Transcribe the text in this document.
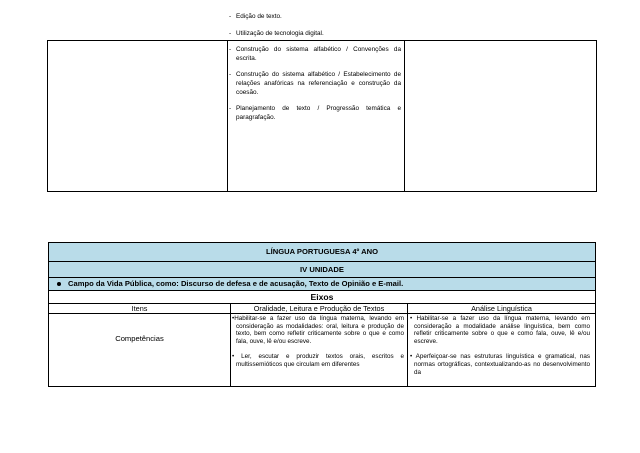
- Edição de texto.
- Utilização de tecnologia digital.
- Construção do sistema alfabético / Convenções da escrita.
- Construção do sistema alfabético / Estabelecimento de relações anafóricas na referenciação e construção da coesão.
- Planejamento de texto / Progressão temática e paragrafação.
LÍNGUA PORTUGUESA 4º ANO
IV UNIDADE
Campo da Vida Pública, como: Discurso de defesa e de acusação, Texto de Opinião e E-mail.
Eixos
Itens	Oralidade, Leitura e Produção de Textos	Análise Linguística
Competências

•Habilitar-se a fazer uso da língua materna, levando em consideração as modalidades: oral, leitura e produção de texto, bem como refletir criticamente sobre o que e como fala, ouve, lê e/ou escreve.

• Ler, escutar e produzir textos orais, escritos e multissemióticos que circulam em diferentes

• Habilitar-se a fazer uso da língua materna, levando em consideração a modalidade análise linguística, bem como refletir criticamente sobre o que e como fala, ouve, lê e/ou escreve.

• Aperfeiçoar-se nas estruturas linguística e gramatical, nas normas ortográficas, contextualizando-as no desenvolvimento da
